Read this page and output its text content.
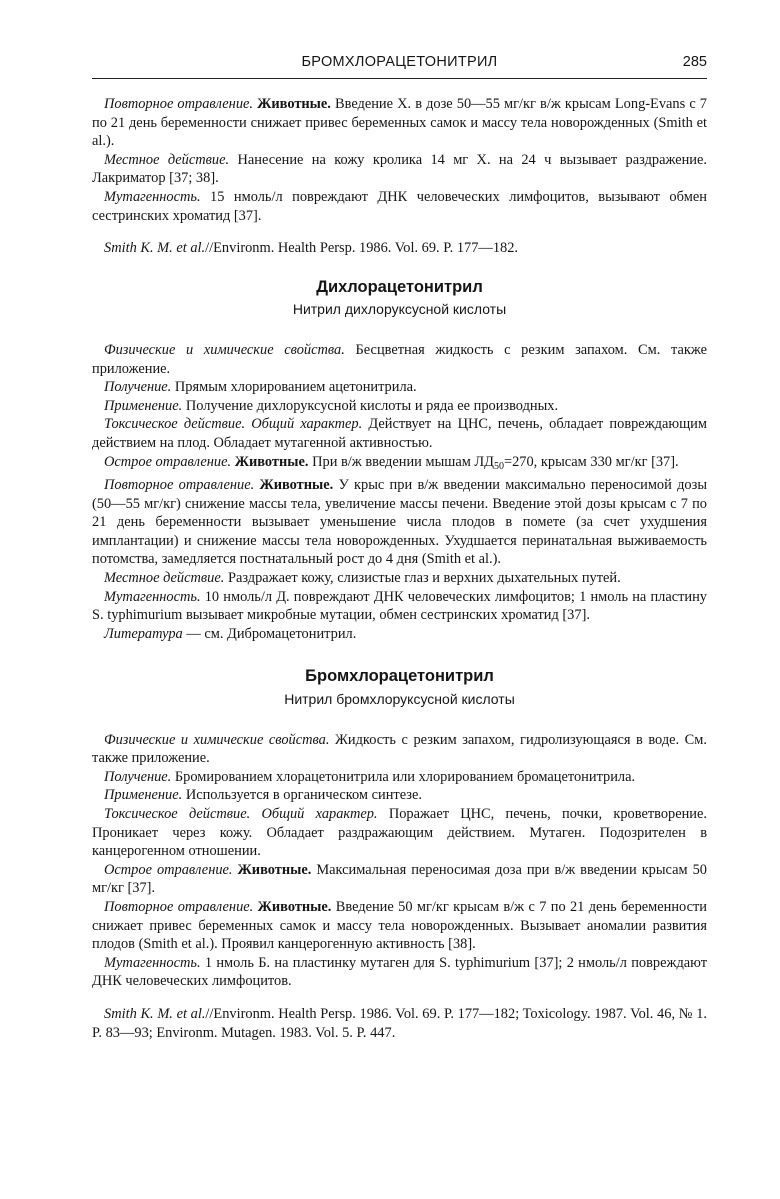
БРОМХЛОРАЦЕТОНИТРИЛ	285

Повторное отравление. Животные. Введение Х. в дозе 50—55 мг/кг в/ж крысам Long-Evans с 7 по 21 день беременности снижает привес беременных самок и массу тела новорожденных (Smith et al.).

Местное действие. Нанесение на кожу кролика 14 мг Х. на 24 ч вызывает раздражение. Лакриматор [37; 38].

Мутагенность. 15 нмоль/л повреждают ДНК человеческих лимфоцитов, вызывают обмен сестринских хроматид [37].

Smith K. M. et al.//Environm. Health Persp. 1986. Vol. 69. P. 177—182.

Дихлорацетонитрил
Нитрил дихлоруксусной кислоты

Физические и химические свойства. Бесцветная жидкость с резким запахом. См. также приложение.

Получение. Прямым хлорированием ацетонитрила.

Применение. Получение дихлоруксусной кислоты и ряда ее производных.

Токсическое действие. Общий характер. Действует на ЦНС, печень, обладает повреждающим действием на плод. Обладает мутагенной активностью.

Острое отравление. Животные. При в/ж введении мышам $ЛД_{50}=270$, крысам 330 мг/кг [37].

Повторное отравление. Животные. У крыс при в/ж введении максимально переносимой дозы (50—55 мг/кг) снижение массы тела, увеличение массы печени. Введение этой дозы крысам с 7 по 21 день беременности вызывает уменьшение числа плодов в помете (за счет ухудшения имплантации) и снижение массы тела новорожденных. Ухудшается перинатальная выживаемость потомства, замедляется постнатальный рост до 4 дня (Smith et al.).

Местное действие. Раздражает кожу, слизистые глаз и верхних дыхательных путей.

Мутагенность. 10 нмоль/л Д. повреждают ДНК человеческих лимфоцитов; 1 нмоль на пластину S. typhimurium вызывает микробные мутации, обмен сестринских хроматид [37].

Литература — см. Дибромацетонитрил.

Бромхлорацетонитрил
Нитрил бромхлоруксусной кислоты

Физические и химические свойства. Жидкость с резким запахом, гидролизующаяся в воде. См. также приложение.

Получение. Бромированием хлорацетонитрила или хлорированием бромацетонитрила.

Применение. Используется в органическом синтезе.

Токсическое действие. Общий характер. Поражает ЦНС, печень, почки, кроветворение. Проникает через кожу. Обладает раздражающим действием. Мутаген. Подозрителен в канцерогенном отношении.

Острое отравление. Животные. Максимальная переносимая доза при в/ж введении крысам 50 мг/кг [37].

Повторное отравление. Животные. Введение 50 мг/кг крысам в/ж с 7 по 21 день беременности снижает привес беременных самок и массу тела новорожденных. Вызывает аномалии развития плодов (Smith et al.). Проявил канцерогенную активность [38].

Мутагенность. 1 нмоль Б. на пластинку мутаген для S. typhimurium [37]; 2 нмоль/л повреждают ДНК человеческих лимфоцитов.

Smith K. M. et al.//Environm. Health Persp. 1986. Vol. 69. P. 177—182; Toxicology. 1987. Vol. 46, № 1. P. 83—93; Environm. Mutagen. 1983. Vol. 5. P. 447.
